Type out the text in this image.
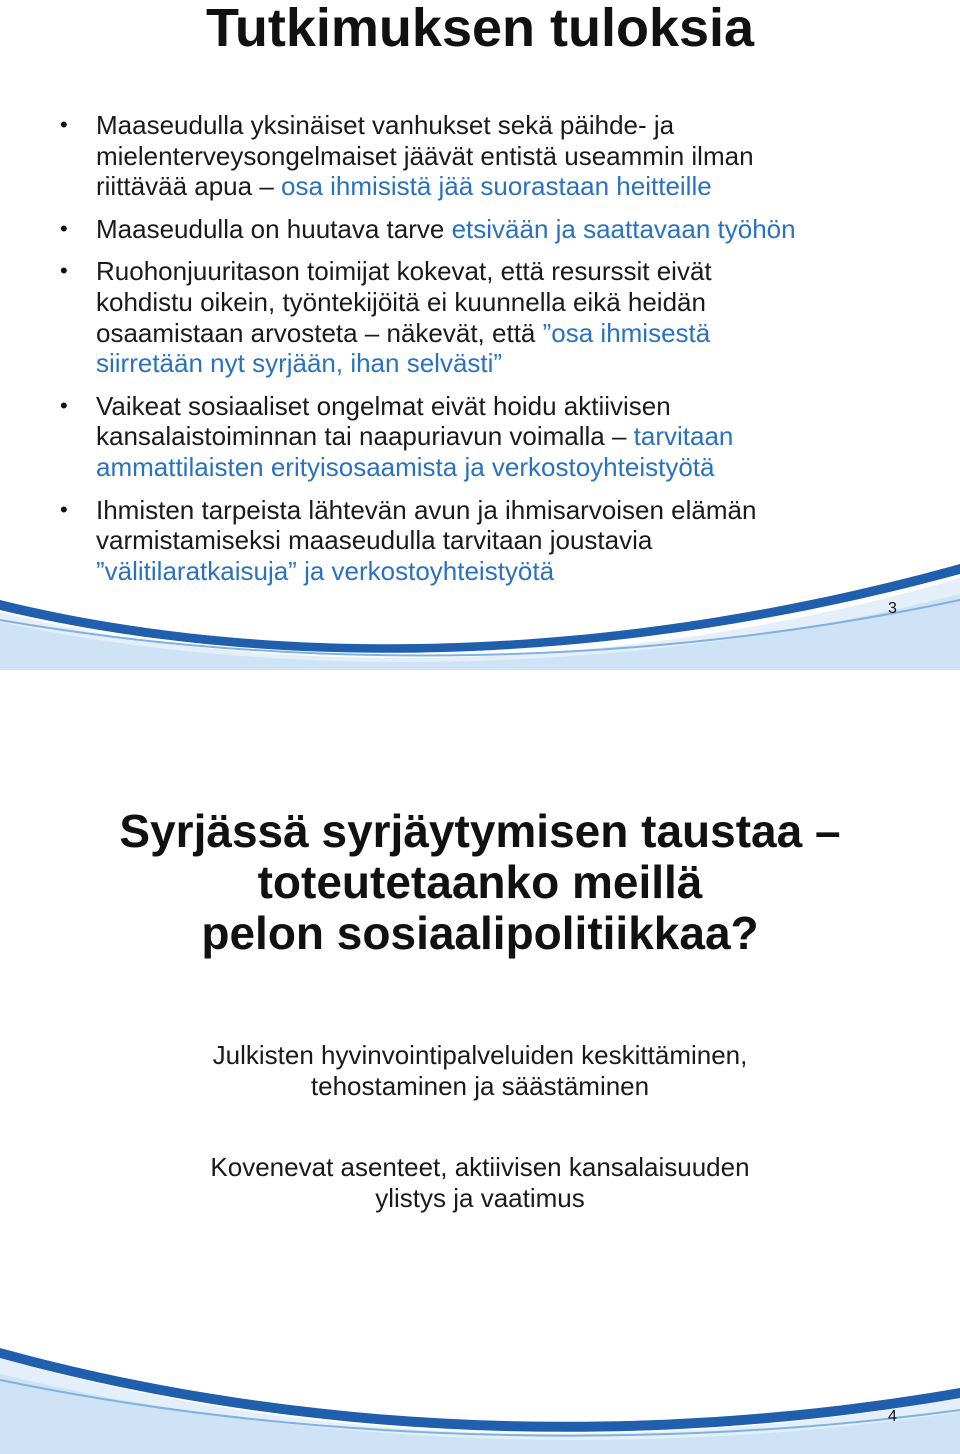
Tutkimuksen tuloksia
• Maaseudulla yksinäiset vanhukset sekä päihde- ja
mielenterveysongelmaiset jäävät entistä useammin ilman
riittävää apua – osa ihmisistä jää suorastaan heitteille
• Maaseudulla on huutava tarve etsivään ja saattavaan työhön
• Ruohonjuuritason toimijat kokevat, että resurssit eivät
kohdistu oikein, työntekijöitä ei kuunnella eikä heidän
osaamistaan arvosteta – näkevät, että ”osa ihmisestä
siirretään nyt syrjään, ihan selvästi”
• Vaikeat sosiaaliset ongelmat eivät hoidu aktiivisen
kansalaistoiminnan tai naapuriavun voimalla – tarvitaan
ammattilaisten erityisosaamista ja verkostoyhteistyötä
• Ihmisten tarpeista lähtevän avun ja ihmisarvoisen elämän
varmistamiseksi maaseudulla tarvitaan joustavia
”välitilaratkaisuja” ja verkostoyhteistyötä
3
Syrjässä syrjäytymisen taustaa –
toteutetaanko meillä
pelon sosiaalipolitiikkaa?
Julkisten hyvinvointipalveluiden keskittäminen,
tehostaminen ja säästäminen
Kovenevat asenteet, aktiivisen kansalaisuuden
ylistys ja vaatimus
4
